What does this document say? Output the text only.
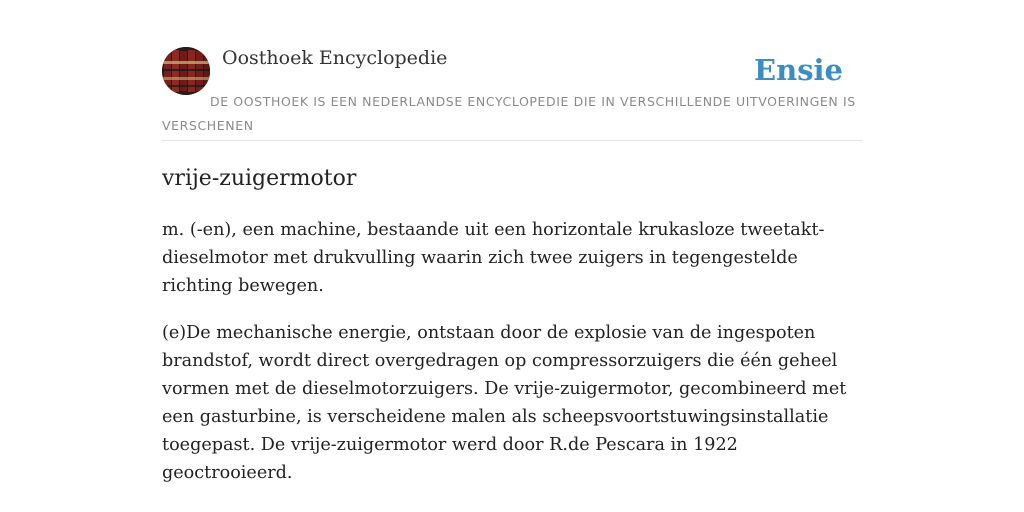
Oosthoek Encyclopedie	Ensie
DE OOSTHOEK IS EEN NEDERLANDSE ENCYCLOPEDIE DIE IN VERSCHILLENDE UITVOERINGEN IS VERSCHENEN
vrije-zuigermotor

m. (-en), een machine, bestaande uit een horizontale krukasloze tweetakt-dieselmotor met drukvulling waarin zich twee zuigers in tegengestelde richting bewegen.

(e)De mechanische energie, ontstaan door de explosie van de ingespoten brandstof, wordt direct overgedragen op compressorzuigers die één geheel vormen met de dieselmotorzuigers. De vrije-zuigermotor, gecombineerd met een gasturbine, is verscheidene malen als scheepsvoortstuwingsinstallatie toegepast. De vrije-zuigermotor werd door R.de Pescara in 1922 geoctrooieerd.
